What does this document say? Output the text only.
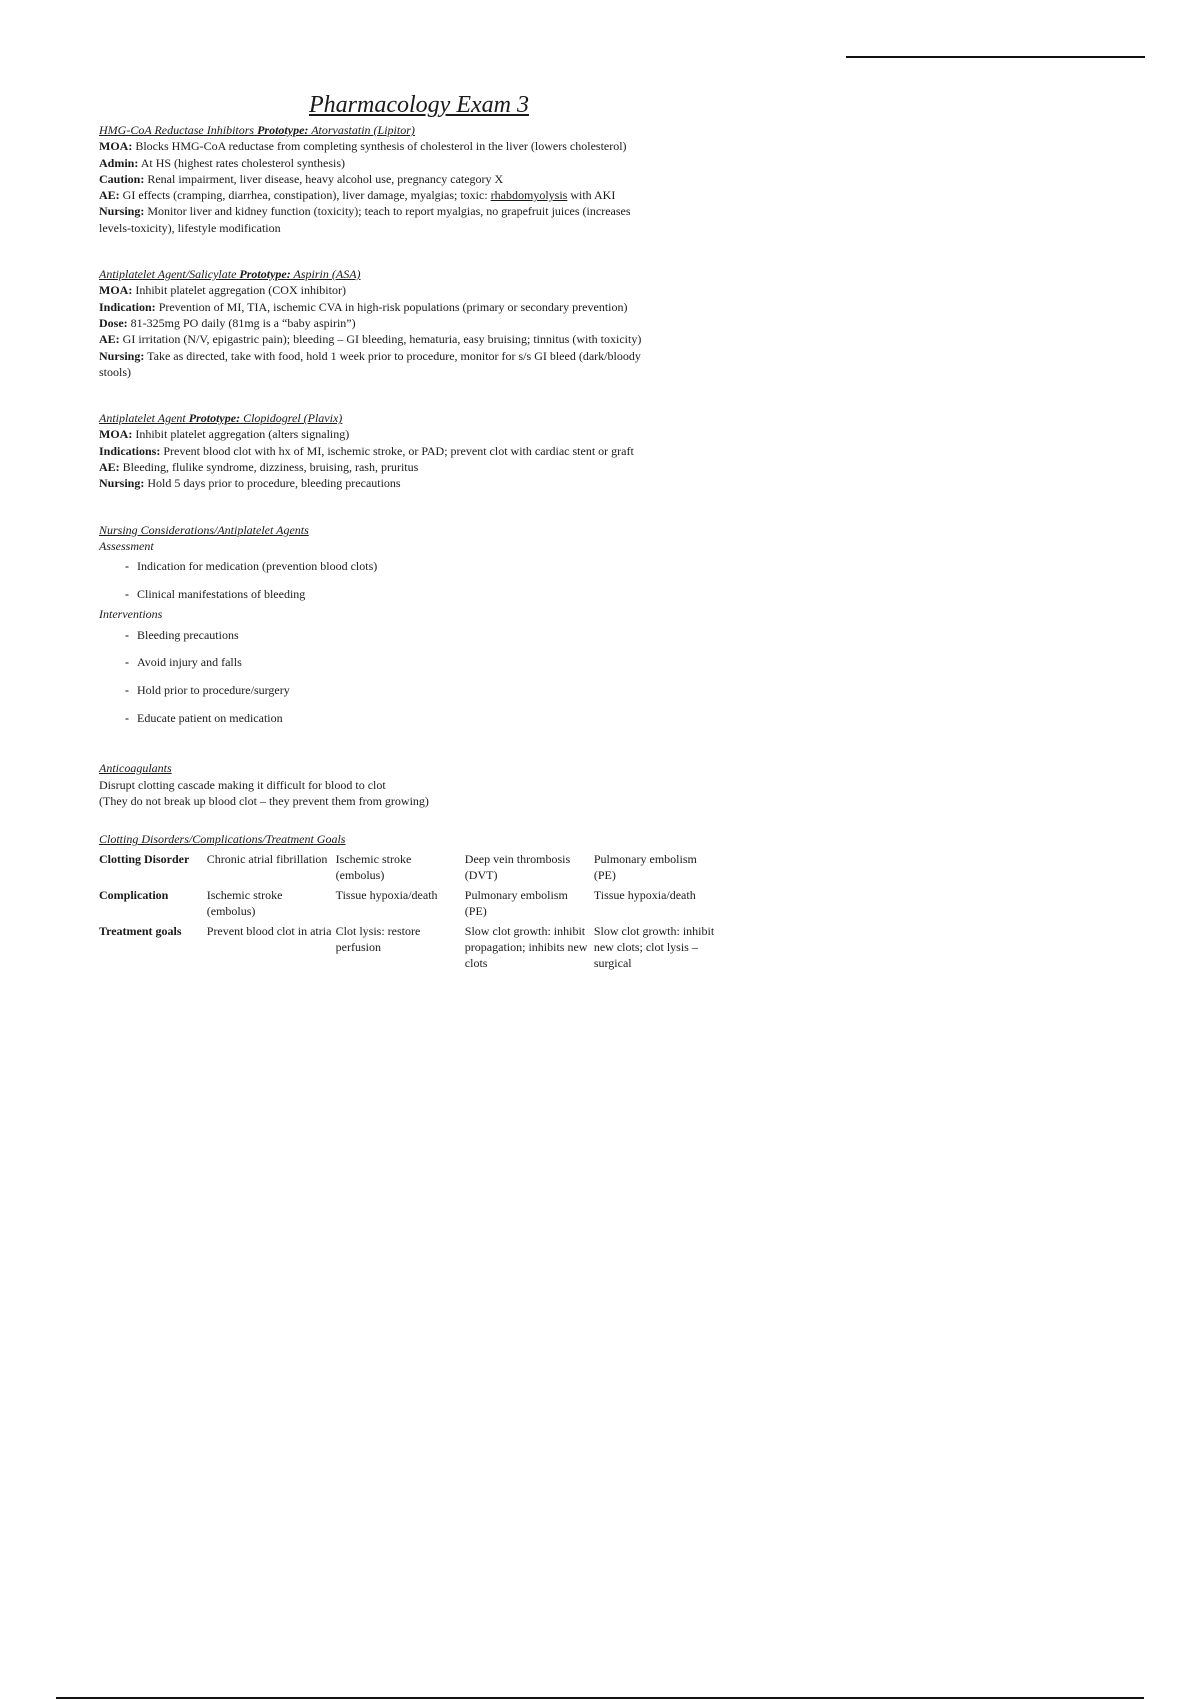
Pharmacology Exam 3
HMG-CoA Reductase Inhibitors Prototype: Atorvastatin (Lipitor)
MOA: Blocks HMG-CoA reductase from completing synthesis of cholesterol in the liver (lowers cholesterol)
Admin: At HS (highest rates cholesterol synthesis)
Caution: Renal impairment, liver disease, heavy alcohol use, pregnancy category X
AE: GI effects (cramping, diarrhea, constipation), liver damage, myalgias; toxic: rhabdomyolysis with AKI
Nursing: Monitor liver and kidney function (toxicity); teach to report myalgias, no grapefruit juices (increases
levels-toxicity), lifestyle modification
Antiplatelet Agent/Salicylate Prototype: Aspirin (ASA)
MOA: Inhibit platelet aggregation (COX inhibitor)
Indication: Prevention of MI, TIA, ischemic CVA in high-risk populations (primary or secondary prevention)
Dose: 81-325mg PO daily (81mg is a “baby aspirin”)
AE: GI irritation (N/V, epigastric pain); bleeding – GI bleeding, hematuria, easy bruising; tinnitus (with toxicity)
Nursing: Take as directed, take with food, hold 1 week prior to procedure, monitor for s/s GI bleed (dark/bloody
stools)
Antiplatelet Agent Prototype: Clopidogrel (Plavix)
MOA: Inhibit platelet aggregation (alters signaling)
Indications: Prevent blood clot with hx of MI, ischemic stroke, or PAD; prevent clot with cardiac stent or graft
AE: Bleeding, flulike syndrome, dizziness, bruising, rash, pruritus
Nursing: Hold 5 days prior to procedure, bleeding precautions
Nursing Considerations/Antiplatelet Agents
Assessment
- Indication for medication (prevention blood clots)
- Clinical manifestations of bleeding
Interventions
- Bleeding precautions
- Avoid injury and falls
- Hold prior to procedure/surgery
- Educate patient on medication
Anticoagulants
Disrupt clotting cascade making it difficult for blood to clot
(They do not break up blood clot – they prevent them from growing)
Clotting Disorders/Complications/Treatment Goals
Clotting Disorder	Chronic atrial fibrillation	Ischemic stroke (embolus)	Deep vein thrombosis (DVT)	Pulmonary embolism (PE)
Complication	Ischemic stroke (embolus)	Tissue hypoxia/death	Pulmonary embolism (PE)	Tissue hypoxia/death
Treatment goals	Prevent blood clot in atria	Clot lysis: restore perfusion	Slow clot growth: inhibit propagation; inhibits new clots	Slow clot growth: inhibit new clots; clot lysis – surgical
